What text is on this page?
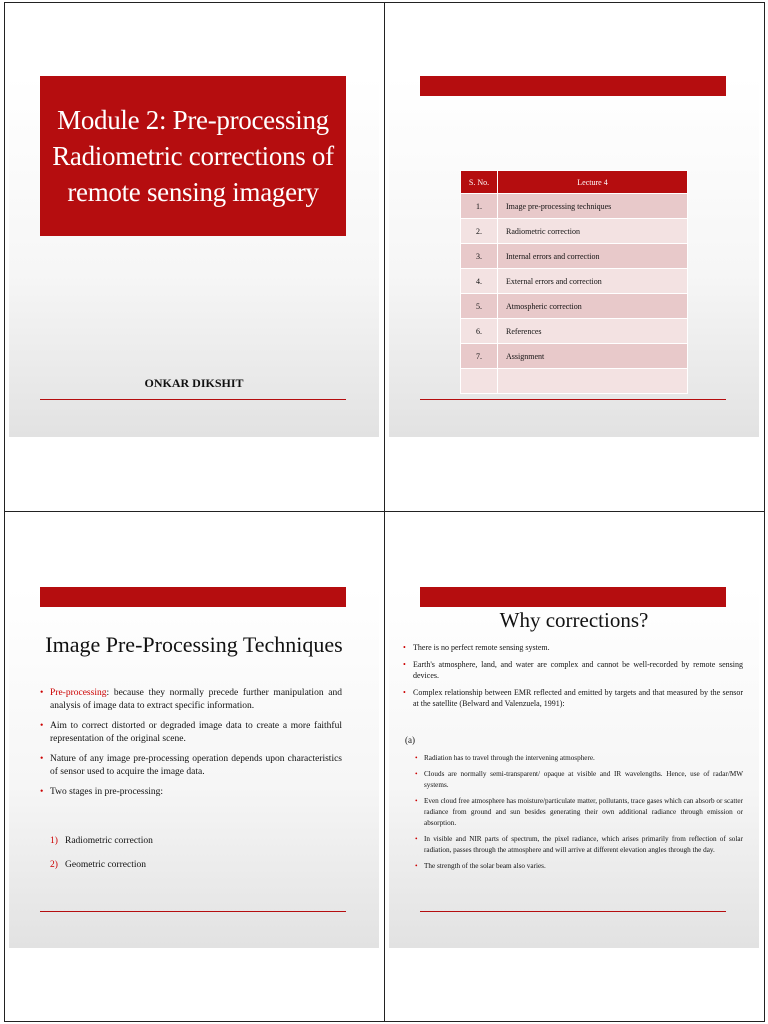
Module 2: Pre-processing Radiometric corrections of remote sensing imagery
ONKAR DIKSHIT
S. No.	Lecture 4
1.	Image pre-processing techniques
2.	Radiometric correction
3.	Internal errors and correction
4.	External errors and correction
5.	Atmospheric correction
6.	References
7.	Assignment

Image Pre-Processing Techniques
• Pre-processing: because they normally precede further manipulation and analysis of image data to extract specific information.
• Aim to correct distorted or degraded image data to create a more faithful representation of the original scene.
• Nature of any image pre-processing operation depends upon characteristics of sensor used to acquire the image data.
• Two stages in pre-processing:
1) Radiometric correction
2) Geometric correction
Why corrections?
• There is no perfect remote sensing system.
• Earth's atmosphere, land, and water are complex and cannot be well-recorded by remote sensing devices.
• Complex relationship between EMR reflected and emitted by targets and that measured by the sensor at the satellite (Belward and Valenzuela, 1991):
(a)
• Radiation has to travel through the intervening atmosphere.
• Clouds are normally semi-transparent/ opaque at visible and IR wavelengths. Hence, use of radar/MW systems.
• Even cloud free atmosphere has moisture/particulate matter, pollutants, trace gases which can absorb or scatter radiance from ground and sun besides generating their own additional radiance through emission or absorption.
• In visible and NIR parts of spectrum, the pixel radiance, which arises primarily from reflection of solar radiation, passes through the atmosphere and will arrive at different elevation angles through the day.
• The strength of the solar beam also varies.
